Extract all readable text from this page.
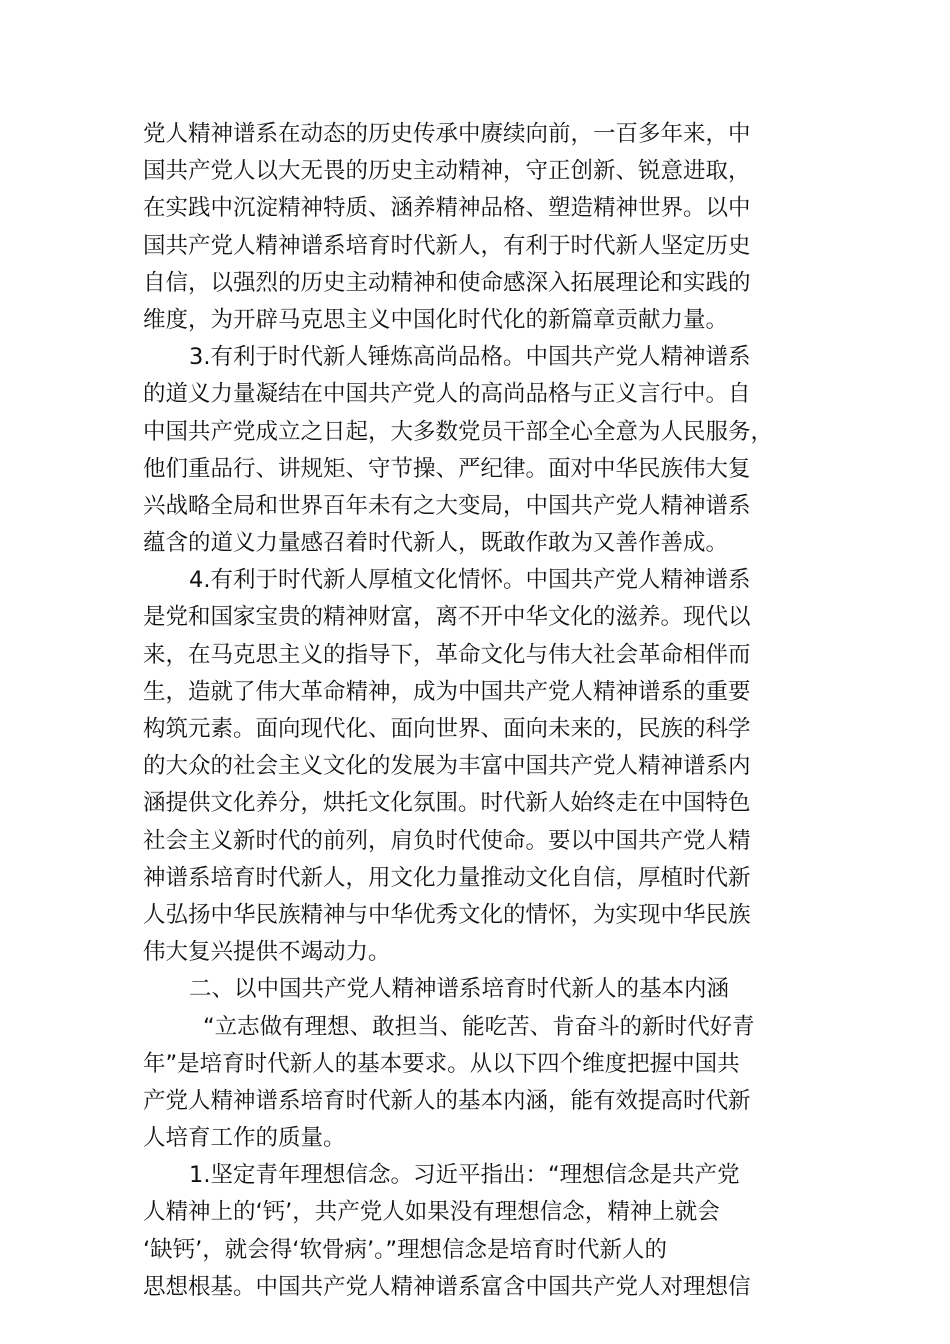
党人精神谱系在动态的历史传承中赓续向前，一百多年来，中
国共产党人以大无畏的历史主动精神，守正创新、锐意进取，
在实践中沉淀精神特质、涵养精神品格、塑造精神世界。以中
国共产党人精神谱系培育时代新人，有利于时代新人坚定历史
自信，以强烈的历史主动精神和使命感深入拓展理论和实践的
维度，为开辟马克思主义中国化时代化的新篇章贡献力量。
3.有利于时代新人锤炼高尚品格。中国共产党人精神谱系
的道义力量凝结在中国共产党人的高尚品格与正义言行中。自
中国共产党成立之日起，大多数党员干部全心全意为人民服务，
他们重品行、讲规矩、守节操、严纪律。面对中华民族伟大复
兴战略全局和世界百年未有之大变局，中国共产党人精神谱系
蕴含的道义力量感召着时代新人，既敢作敢为又善作善成。
4.有利于时代新人厚植文化情怀。中国共产党人精神谱系
是党和国家宝贵的精神财富，离不开中华文化的滋养。现代以
来，在马克思主义的指导下，革命文化与伟大社会革命相伴而
生，造就了伟大革命精神，成为中国共产党人精神谱系的重要
构筑元素。面向现代化、面向世界、面向未来的，民族的科学
的大众的社会主义文化的发展为丰富中国共产党人精神谱系内
涵提供文化养分，烘托文化氛围。时代新人始终走在中国特色
社会主义新时代的前列，肩负时代使命。要以中国共产党人精
神谱系培育时代新人，用文化力量推动文化自信，厚植时代新
人弘扬中华民族精神与中华优秀文化的情怀，为实现中华民族
伟大复兴提供不竭动力。
二、以中国共产党人精神谱系培育时代新人的基本内涵
“立志做有理想、敢担当、能吃苦、肯奋斗的新时代好青
年”是培育时代新人的基本要求。从以下四个维度把握中国共
产党人精神谱系培育时代新人的基本内涵，能有效提高时代新
人培育工作的质量。
1.坚定青年理想信念。习近平指出：“理想信念是共产党
人精神上的‘钙’，共产党人如果没有理想信念，精神上就会
‘缺钙’，就会得‘软骨病’。”理想信念是培育时代新人的
思想根基。中国共产党人精神谱系富含中国共产党人对理想信
